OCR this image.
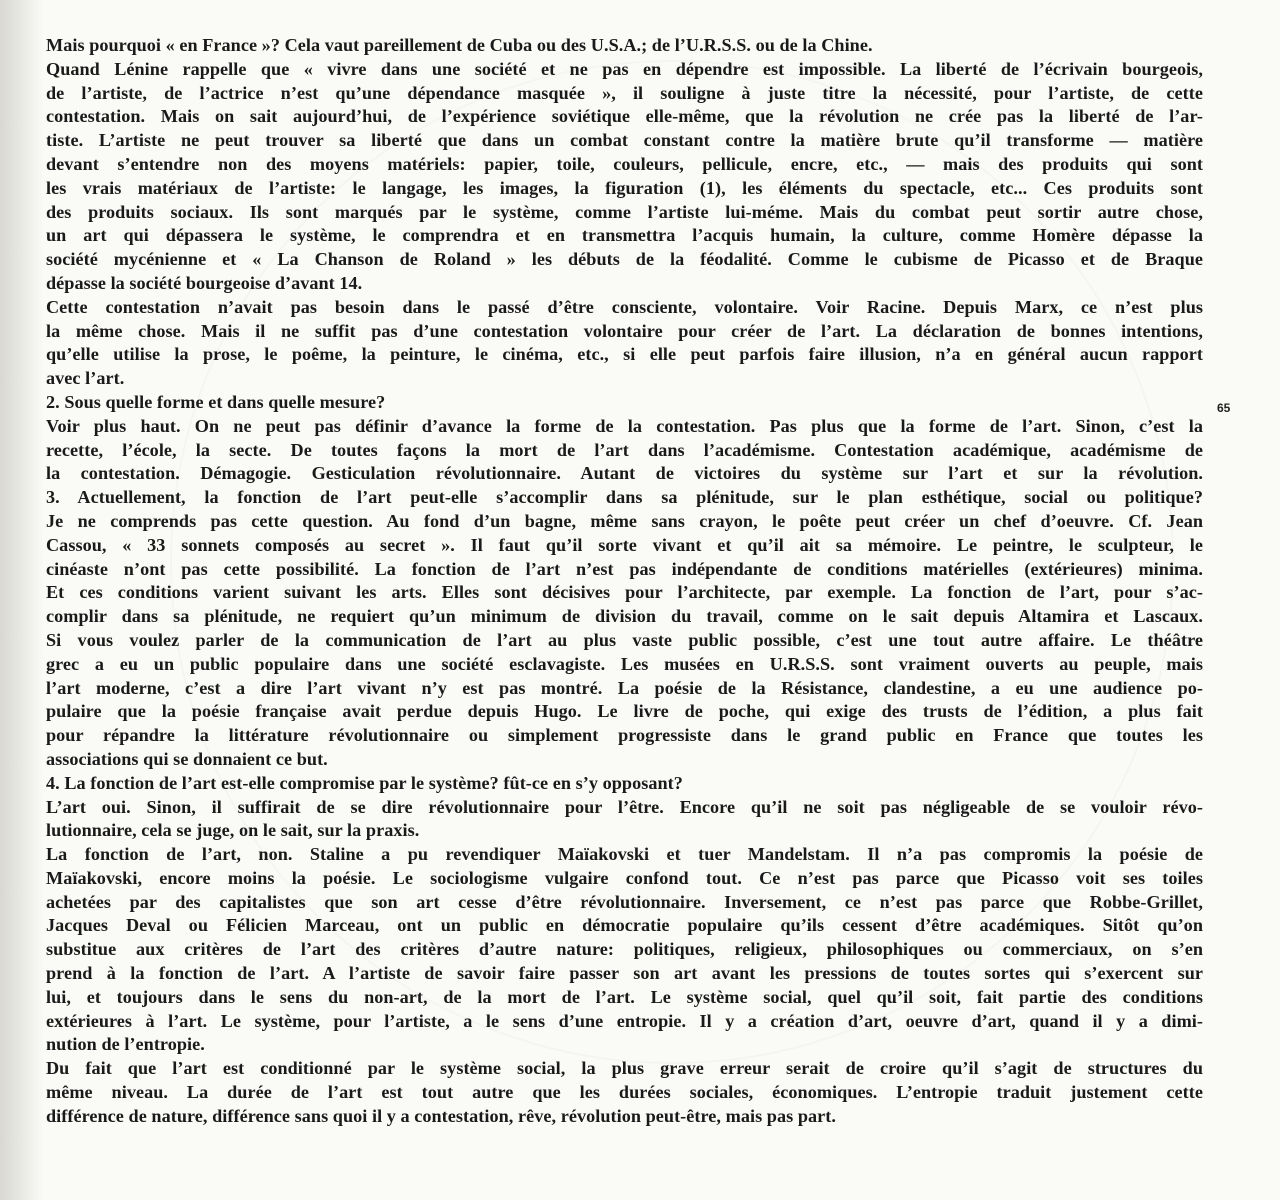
Mais pourquoi « en France »? Cela vaut pareillement de Cuba ou des U.S.A.; de l’U.R.S.S. ou de la Chine.
Quand Lénine rappelle que « vivre dans une société et ne pas en dépendre est impossible. La liberté de l’écrivain bourgeois,
de l’artiste, de l’actrice n’est qu’une dépendance masquée », il souligne à juste titre la nécessité, pour l’artiste, de cette
contestation. Mais on sait aujourd’hui, de l’expérience soviétique elle-même, que la révolution ne crée pas la liberté de l’ar-
tiste. L’artiste ne peut trouver sa liberté que dans un combat constant contre la matière brute qu’il transforme — matière
devant s’entendre non des moyens matériels: papier, toile, couleurs, pellicule, encre, etc., — mais des produits qui sont
les vrais matériaux de l’artiste: le langage, les images, la figuration (1), les éléments du spectacle, etc... Ces produits sont
des produits sociaux. Ils sont marqués par le système, comme l’artiste lui-méme. Mais du combat peut sortir autre chose,
un art qui dépassera le système, le comprendra et en transmettra l’acquis humain, la culture, comme Homère dépasse la
société mycénienne et « La Chanson de Roland » les débuts de la féodalité. Comme le cubisme de Picasso et de Braque
dépasse la société bourgeoise d’avant 14.
Cette contestation n’avait pas besoin dans le passé d’être consciente, volontaire. Voir Racine. Depuis Marx, ce n’est plus
la même chose. Mais il ne suffit pas d’une contestation volontaire pour créer de l’art. La déclaration de bonnes intentions,
qu’elle utilise la prose, le poême, la peinture, le cinéma, etc., si elle peut parfois faire illusion, n’a en général aucun rapport
avec l’art.
2. Sous quelle forme et dans quelle mesure?
Voir plus haut. On ne peut pas définir d’avance la forme de la contestation. Pas plus que la forme de l’art. Sinon, c’est la
recette, l’école, la secte. De toutes façons la mort de l’art dans l’académisme. Contestation académique, académisme de
la contestation. Démagogie. Gesticulation révolutionnaire. Autant de victoires du système sur l’art et sur la révolution.
3. Actuellement, la fonction de l’art peut-elle s’accomplir dans sa plénitude, sur le plan esthétique, social ou politique?
Je ne comprends pas cette question. Au fond d’un bagne, même sans crayon, le poête peut créer un chef d’oeuvre. Cf. Jean
Cassou, « 33 sonnets composés au secret ». Il faut qu’il sorte vivant et qu’il ait sa mémoire. Le peintre, le sculpteur, le
cinéaste n’ont pas cette possibilité. La fonction de l’art n’est pas indépendante de conditions matérielles (extérieures) minima.
Et ces conditions varient suivant les arts. Elles sont décisives pour l’architecte, par exemple. La fonction de l’art, pour s’ac-
complir dans sa plénitude, ne requiert qu’un minimum de division du travail, comme on le sait depuis Altamira et Lascaux.
Si vous voulez parler de la communication de l’art au plus vaste public possible, c’est une tout autre affaire. Le théâtre
grec a eu un public populaire dans une société esclavagiste. Les musées en U.R.S.S. sont vraiment ouverts au peuple, mais
l’art moderne, c’est a dire l’art vivant n’y est pas montré. La poésie de la Résistance, clandestine, a eu une audience po-
pulaire que la poésie française avait perdue depuis Hugo. Le livre de poche, qui exige des trusts de l’édition, a plus fait
pour répandre la littérature révolutionnaire ou simplement progressiste dans le grand public en France que toutes les
associations qui se donnaient ce but.
4. La fonction de l’art est-elle compromise par le système? fût-ce en s’y opposant?
L’art oui. Sinon, il suffirait de se dire révolutionnaire pour l’être. Encore qu’il ne soit pas négligeable de se vouloir révo-
lutionnaire, cela se juge, on le sait, sur la praxis.
La fonction de l’art, non. Staline a pu revendiquer Maïakovski et tuer Mandelstam. Il n’a pas compromis la poésie de
Maïakovski, encore moins la poésie. Le sociologisme vulgaire confond tout. Ce n’est pas parce que Picasso voit ses toiles
achetées par des capitalistes que son art cesse d’être révolutionnaire. Inversement, ce n’est pas parce que Robbe-Grillet,
Jacques Deval ou Félicien Marceau, ont un public en démocratie populaire qu’ils cessent d’être académiques. Sitôt qu’on
substitue aux critères de l’art des critères d’autre nature: politiques, religieux, philosophiques ou commerciaux, on s’en
prend à la fonction de l’art. A l’artiste de savoir faire passer son art avant les pressions de toutes sortes qui s’exercent sur
lui, et toujours dans le sens du non-art, de la mort de l’art. Le système social, quel qu’il soit, fait partie des conditions
extérieures à l’art. Le système, pour l’artiste, a le sens d’une entropie. Il y a création d’art, oeuvre d’art, quand il y a dimi-
nution de l’entropie.
Du fait que l’art est conditionné par le système social, la plus grave erreur serait de croire qu’il s’agit de structures du
même niveau. La durée de l’art est tout autre que les durées sociales, économiques. L’entropie traduit justement cette
différence de nature, différence sans quoi il y a contestation, rêve, révolution peut-être, mais pas part.
65
